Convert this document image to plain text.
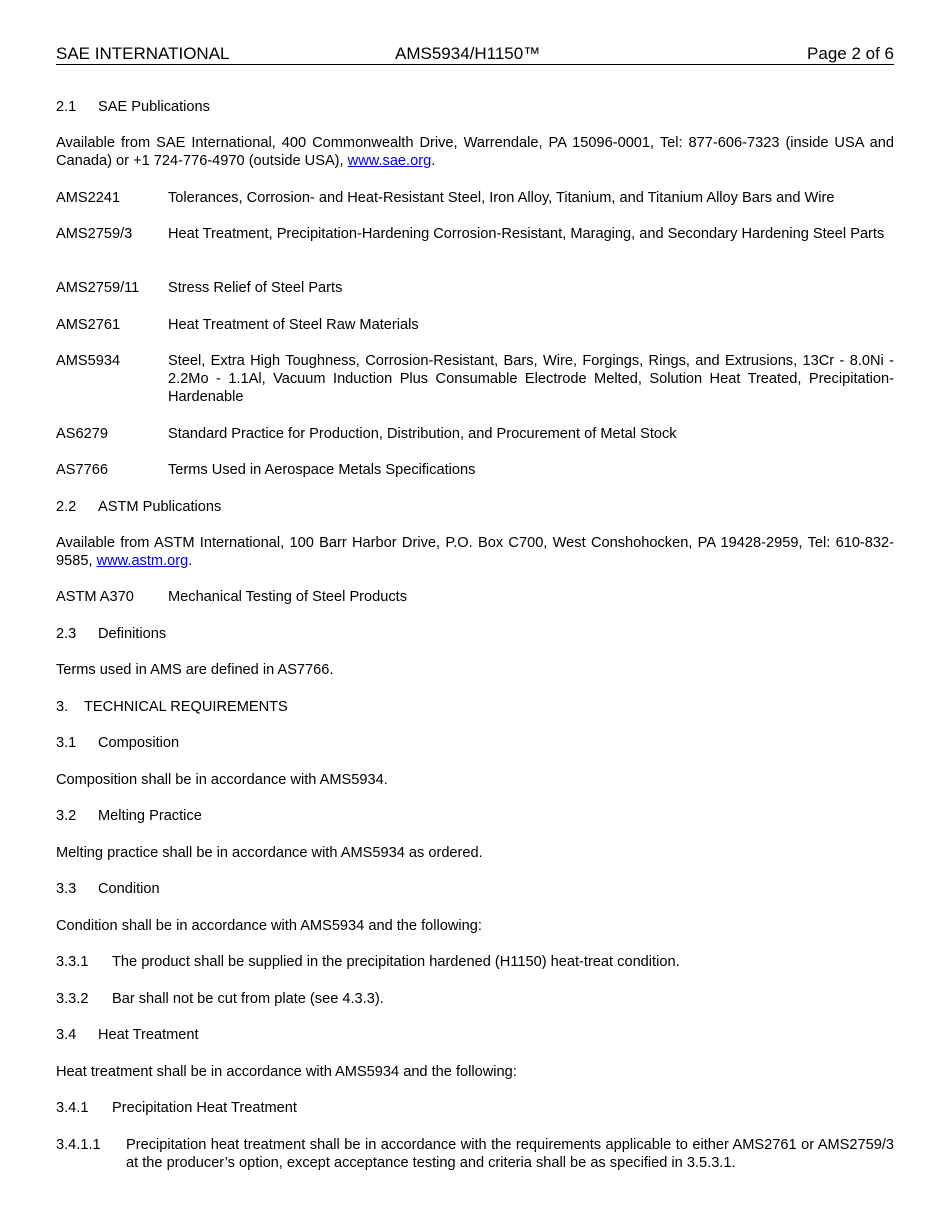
SAE INTERNATIONAL	AMS5934/H1150™	Page 2 of 6
2.1 SAE Publications
Available from SAE International, 400 Commonwealth Drive, Warrendale, PA 15096-0001, Tel: 877-606-7323 (inside USA and Canada) or +1 724-776-4970 (outside USA), www.sae.org.
AMS2241	Tolerances, Corrosion- and Heat-Resistant Steel, Iron Alloy, Titanium, and Titanium Alloy Bars and Wire
AMS2759/3 Heat Treatment, Precipitation-Hardening Corrosion-Resistant, Maraging, and Secondary Hardening Steel Parts
AMS2759/11 Stress Relief of Steel Parts
AMS2761	Heat Treatment of Steel Raw Materials
AMS5934	Steel, Extra High Toughness, Corrosion-Resistant, Bars, Wire, Forgings, Rings, and Extrusions, 13Cr - 8.0Ni - 2.2Mo - 1.1Al, Vacuum Induction Plus Consumable Electrode Melted, Solution Heat Treated, Precipitation-Hardenable
AS6279	Standard Practice for Production, Distribution, and Procurement of Metal Stock
AS7766	Terms Used in Aerospace Metals Specifications
2.2 ASTM Publications
Available from ASTM International, 100 Barr Harbor Drive, P.O. Box C700, West Conshohocken, PA 19428-2959, Tel: 610-832-9585, www.astm.org.
ASTM A370 Mechanical Testing of Steel Products
2.3 Definitions
Terms used in AMS are defined in AS7766.
3. TECHNICAL REQUIREMENTS
3.1 Composition
Composition shall be in accordance with AMS5934.
3.2 Melting Practice
Melting practice shall be in accordance with AMS5934 as ordered.
3.3 Condition
Condition shall be in accordance with AMS5934 and the following:
3.3.1 The product shall be supplied in the precipitation hardened (H1150) heat-treat condition.
3.3.2 Bar shall not be cut from plate (see 4.3.3).
3.4 Heat Treatment
Heat treatment shall be in accordance with AMS5934 and the following:
3.4.1 Precipitation Heat Treatment
3.4.1.1 Precipitation heat treatment shall be in accordance with the requirements applicable to either AMS2761 or AMS2759/3 at the producer’s option, except acceptance testing and criteria shall be as specified in 3.5.3.1.
